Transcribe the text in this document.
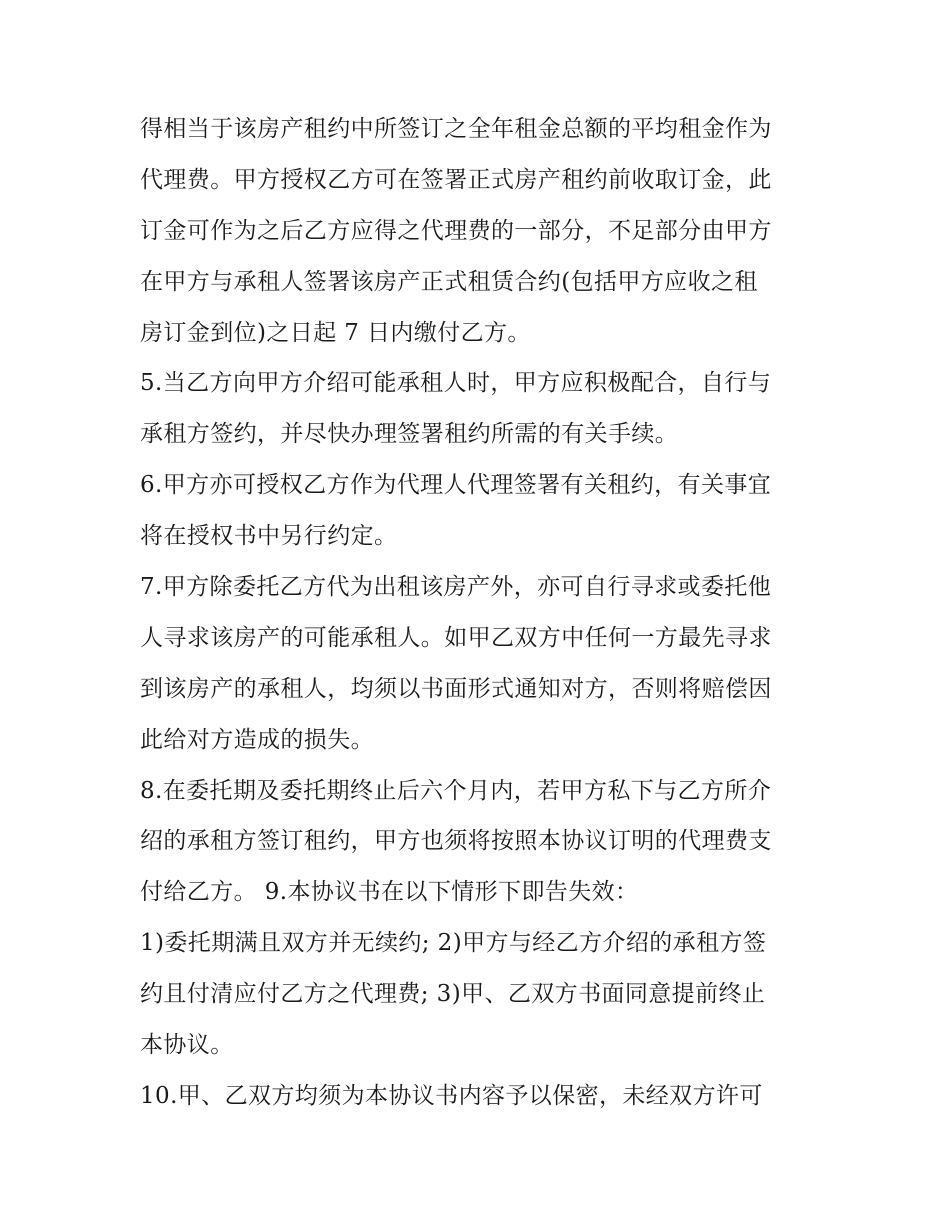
得相当于该房产租约中所签订之全年租金总额的平均租金作为
代理费。甲方授权乙方可在签署正式房产租约前收取订金，此
订金可作为之后乙方应得之代理费的一部分，不足部分由甲方
在甲方与承租人签署该房产正式租赁合约(包括甲方应收之租
房订金到位)之日起 7 日内缴付乙方。
5.当乙方向甲方介绍可能承租人时，甲方应积极配合，自行与
承租方签约，并尽快办理签署租约所需的有关手续。
6.甲方亦可授权乙方作为代理人代理签署有关租约，有关事宜
将在授权书中另行约定。
7.甲方除委托乙方代为出租该房产外，亦可自行寻求或委托他
人寻求该房产的可能承租人。如甲乙双方中任何一方最先寻求
到该房产的承租人，均须以书面形式通知对方，否则将赔偿因
此给对方造成的损失。
8.在委托期及委托期终止后六个月内，若甲方私下与乙方所介
绍的承租方签订租约，甲方也须将按照本协议订明的代理费支
付给乙方。 9.本协议书在以下情形下即告失效：
1)委托期满且双方并无续约; 2)甲方与经乙方介绍的承租方签
约且付清应付乙方之代理费; 3)甲、乙双方书面同意提前终止
本协议。
10.甲、乙双方均须为本协议书内容予以保密，未经双方许可
